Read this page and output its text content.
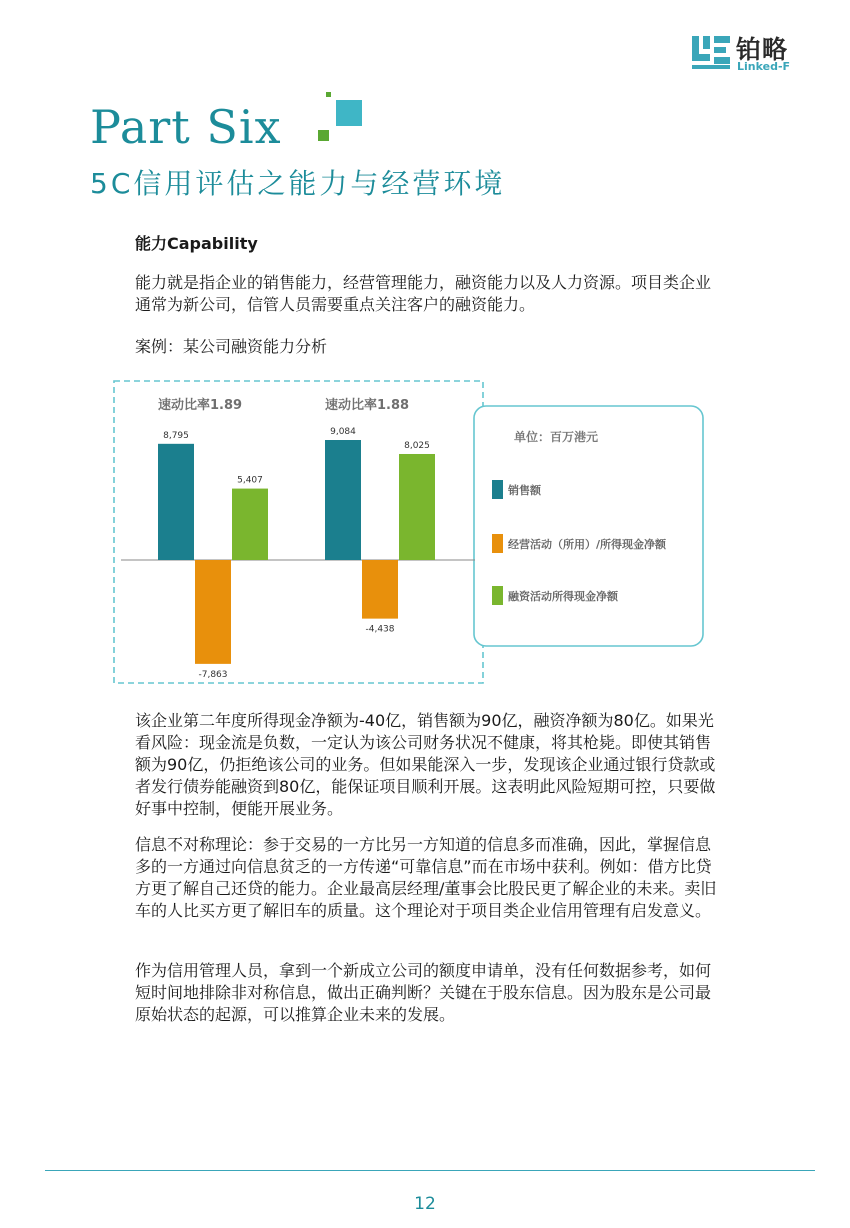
铂略
Linked-F
Part Six
5C信用评估之能力与经营环境
能力Capability

能力就是指企业的销售能力，经营管理能力，融资能力以及人力资源。项目类企业通常为新公司，信管人员需要重点关注客户的融资能力。

案例：某公司融资能力分析

速动比率1.89	速动比率1.88
8,795	9,084
-7,863
-4,438
5,407
8,025
单位：百万港元
销售额
经营活动（所用）/所得现金净额
融资活动所得现金净额

该企业第二年度所得现金净额为-40亿，销售额为90亿，融资净额为80亿。如果光看风险：现金流是负数，一定认为该公司财务状况不健康，将其枪毙。即使其销售额为90亿，仍拒绝该公司的业务。但如果能深入一步，发现该企业通过银行贷款或者发行债券能融资到80亿，能保证项目顺利开展。这表明此风险短期可控，只要做好事中控制，便能开展业务。

信息不对称理论：参于交易的一方比另一方知道的信息多而准确，因此，掌握信息多的一方通过向信息贫乏的一方传递“可靠信息”而在市场中获利。例如：借方比贷方更了解自己还贷的能力。企业最高层经理/董事会比股民更了解企业的未来。卖旧车的人比买方更了解旧车的质量。这个理论对于项目类企业信用管理有启发意义。

作为信用管理人员，拿到一个新成立公司的额度申请单，没有任何数据参考，如何短时间地排除非对称信息，做出正确判断？关键在于股东信息。因为股东是公司最原始状态的起源，可以推算企业未来的发展。

12
